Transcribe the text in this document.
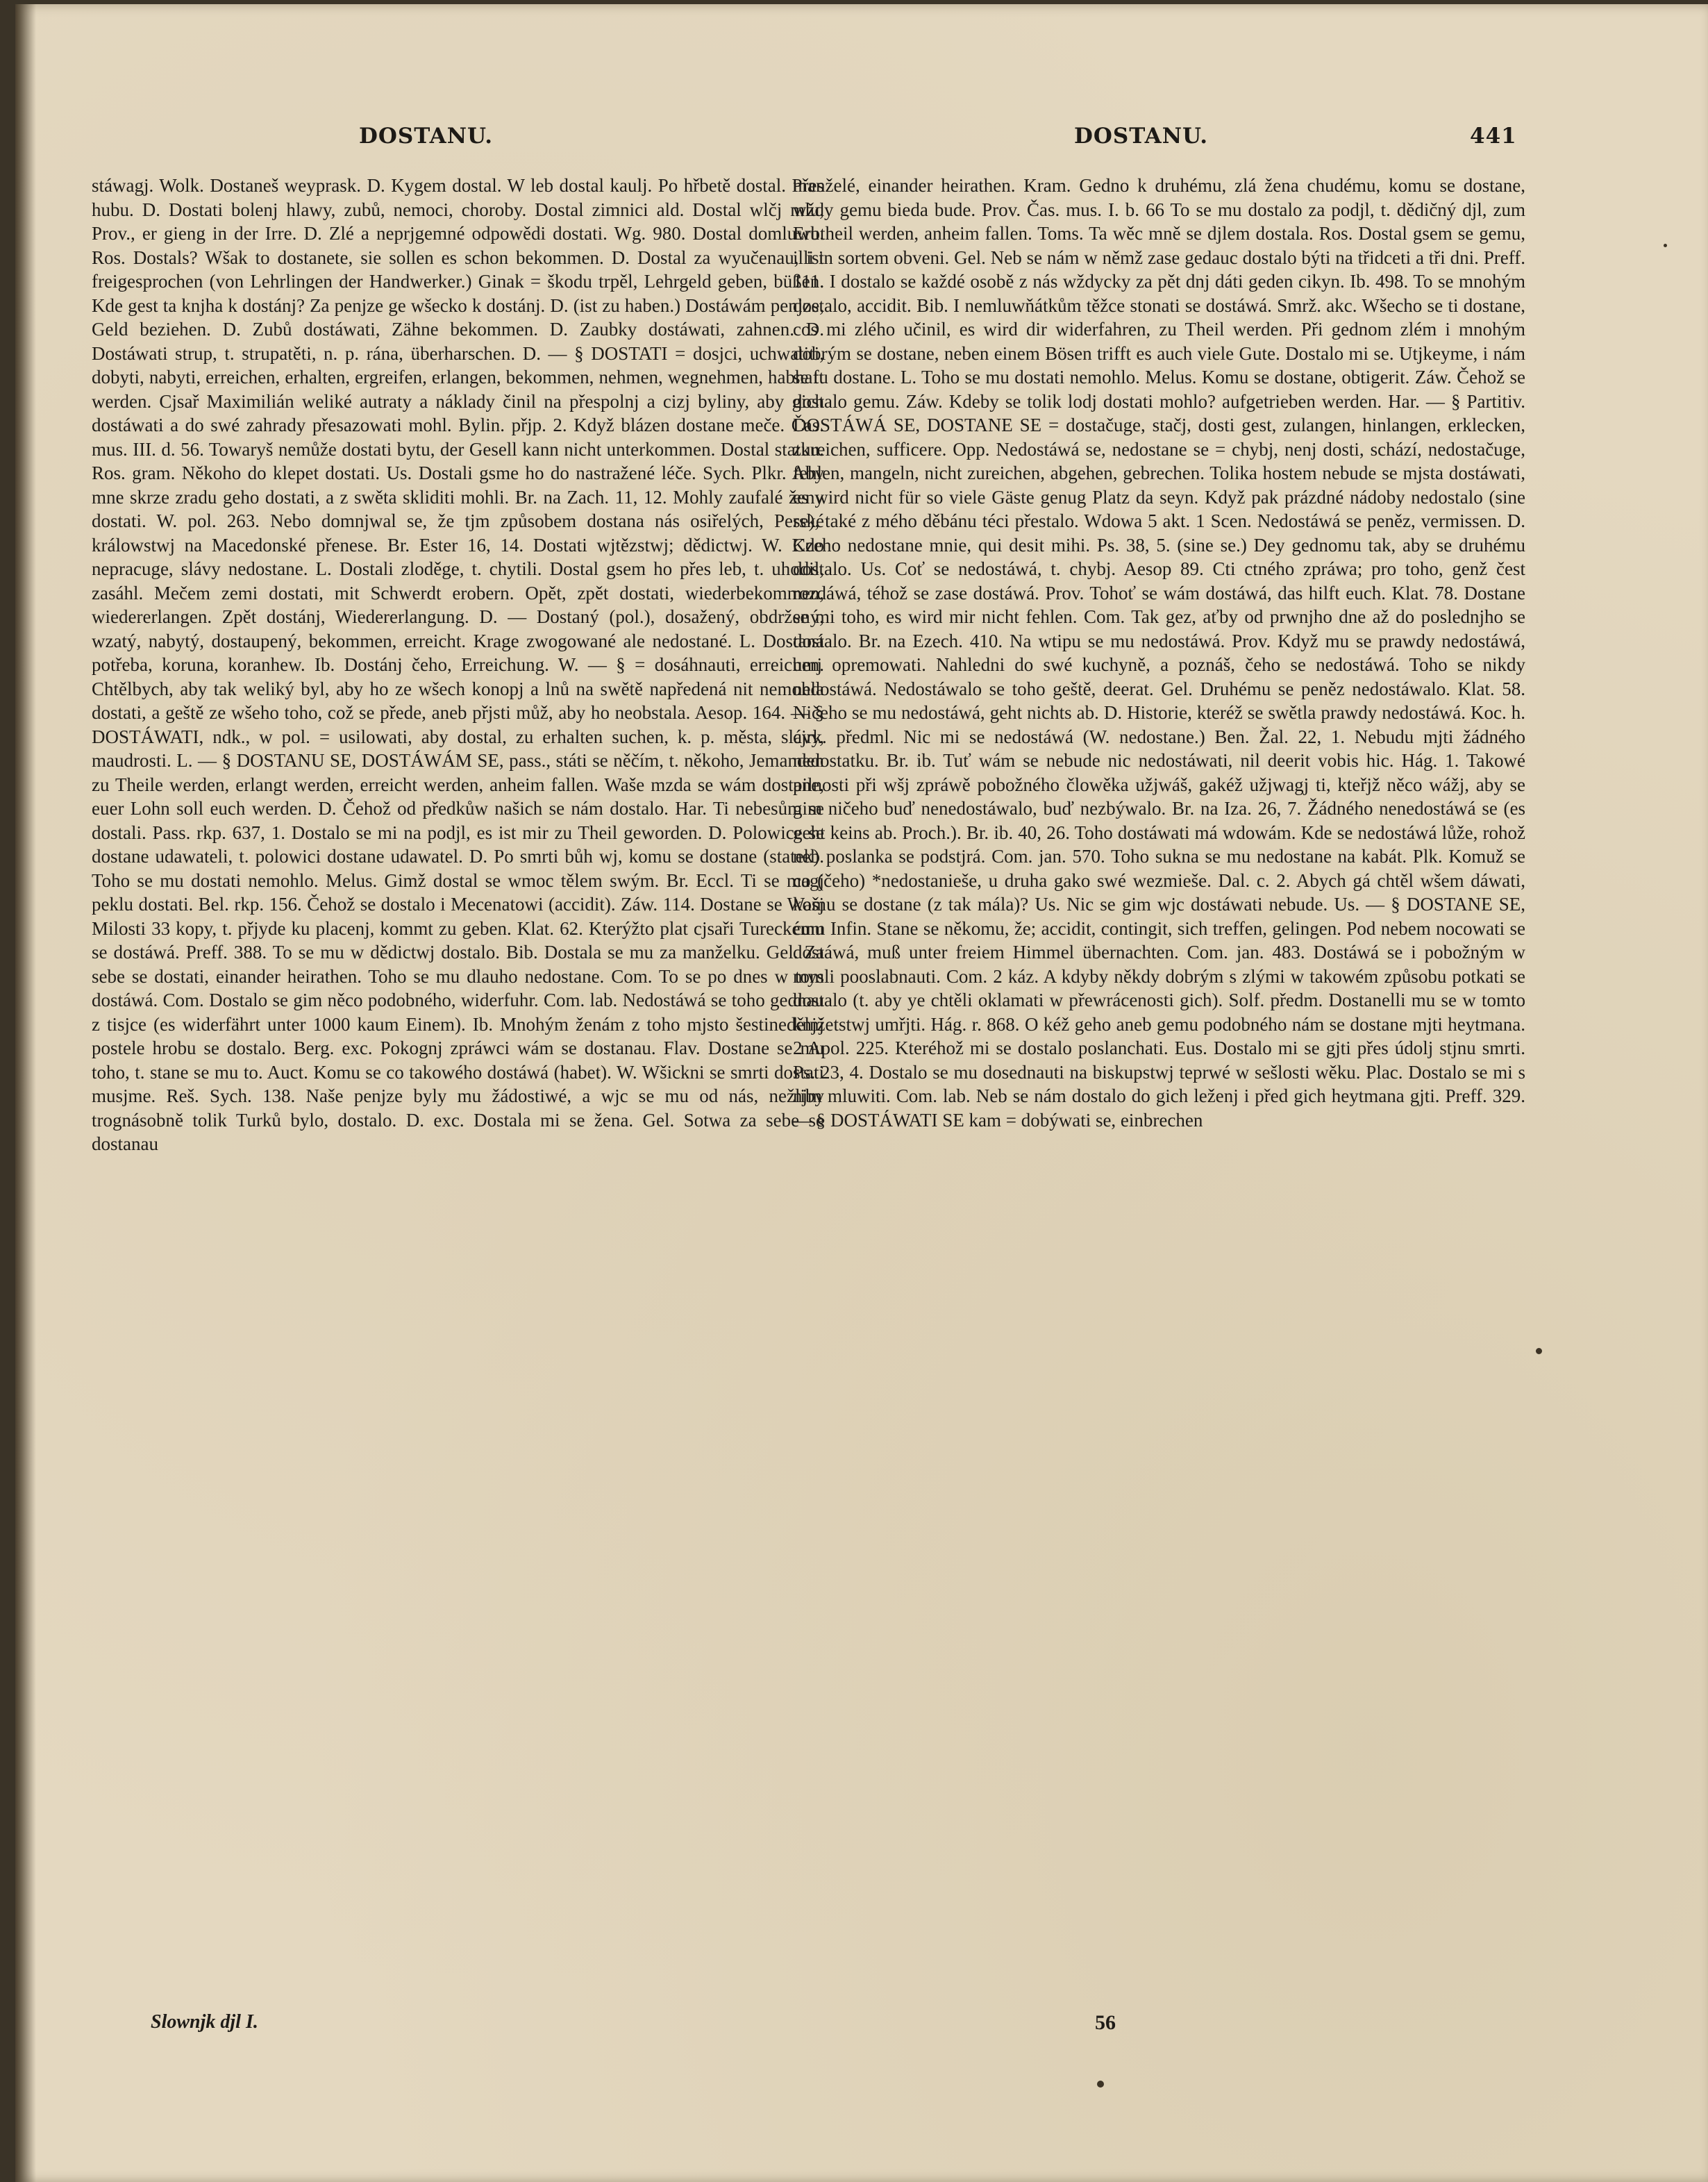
DOSTANU.	DOSTANU.	441

stáwagj. Wolk. Dostaneš weyprask. D. Kygem dostal. W leb dostal kaulj. Po hřbetě dostal. Přes hubu. D. Dostati bolenj hlawy, zubů, nemoci, choroby. Dostal zimnici ald. Dostal wlčj mlu, Prov., er gieng in der Irre. D. Zlé a neprjgemné odpowědi dostati. Wg. 980. Dostal domluwu. Ros. Dostals? Wšak to dostanete, sie sollen es schon bekommen. D. Dostal za wyučenau, ist freigesprochen (von Lehrlingen der Handwerker.) Ginak = škodu trpěl, Lehrgeld geben, büßen. Kde gest ta knjha k dostánj? Za penjze ge wšecko k dostánj. D. (ist zu haben.) Dostáwám penjze, Geld beziehen. D. Zubů dostáwati, Zähne bekommen. D. Zaubky dostáwati, zahnen. D. Dostáwati strup, t. strupatěti, n. p. rána, überharschen. D. — § DOSTATI = dosjci, uchwatiti, dobyti, nabyti, erreichen, erhalten, ergreifen, erlangen, bekommen, nehmen, wegnehmen, habhaft werden. Cjsař Maximilián weliké autraty a náklady činil na přespolnj a cizj byliny, aby gich dostáwati a do swé zahrady přesazowati mohl. Bylin. přjp. 2. Když blázen dostane meče. Čas. mus. III. d. 56. Towaryš nemůže dostati bytu, der Gesell kann nicht unterkommen. Dostal statku. Ros. gram. Někoho do klepet dostati. Us. Dostali gsme ho do nastražené léče. Sych. Plkr. Aby mne skrze zradu geho dostati, a z swěta skliditi mohli. Br. na Zach. 11, 12. Mohly zaufalé ženy dostati. W. pol. 263. Nebo domnjwal se, že tjm způsobem dostana nás osiřelých, Perské králowstwj na Macedonské přenese. Br. Ester 16, 14. Dostati wjtězstwj; dědictwj. W. Kdo nepracuge, slávy nedostane. L. Dostali zloděge, t. chytili. Dostal gsem ho přes leb, t. uhodil, zasáhl. Mečem zemi dostati, mit Schwerdt erobern. Opět, zpět dostati, wiederbekommen, wiedererlangen. Zpět dostánj, Wiedererlangung. D. — Dostaný (pol.), dosažený, obdržený, wzatý, nabytý, dostaupený, bekommen, erreicht. Krage zwogowané ale nedostané. L. Dostaná potřeba, koruna, koranhew. Ib. Dostánj čeho, Erreichung. W. — § = dosáhnauti, erreichen. Chtělbych, aby tak weliký byl, aby ho ze wšech konopj a lnů na swětě napředená nit nemohla dostati, a geště ze wšeho toho, což se přede, aneb přjsti můž, aby ho neobstala. Aesop. 164. — § DOSTÁWATI, ndk., w pol. = usilowati, aby dostal, zu erhalten suchen, k. p. města, slávy, maudrosti. L. — § DOSTANU SE, DOSTÁWÁM SE, pass., státi se něčím, t. někoho, Jemanden zu Theile werden, erlangt werden, erreicht werden, anheim fallen. Waše mzda se wám dostane, euer Lohn soll euch werden. D. Čehož od předkůw našich se nám dostalo. Har. Ti nebesům se dostali. Pass. rkp. 637, 1. Dostalo se mi na podjl, es ist mir zu Theil geworden. D. Polowice se dostane udawateli, t. polowici dostane udawatel. D. Po smrti bůh wj, komu se dostane (statek). Toho se mu dostati nemohlo. Melus. Gimž dostal se wmoc tělem swým. Br. Eccl. Ti se magj peklu dostati. Bel. rkp. 156. Čehož se dostalo i Mecenatowi (accidit). Záw. 114. Dostane se Wašj Milosti 33 kopy, t. přjyde ku placenj, kommt zu geben. Klat. 62. Kterýžto plat cjsaři Tureckému se dostáwá. Preff. 388. To se mu w dědictwj dostalo. Bib. Dostala se mu za manželku. Gel. Za sebe se dostati, einander heirathen. Toho se mu dlauho nedostane. Com. To se po dnes w tom dostáwá. Com. Dostalo se gim něco podobného, widerfuhr. Com. lab. Nedostáwá se toho gednau z tisjce (es widerfährt unter 1000 kaum Einem). Ib. Mnohým ženám z toho mjsto šestinedělnj postele hrobu se dostalo. Berg. exc. Pokognj zpráwci wám se dostanau. Flav. Dostane se mu toho, t. stane se mu to. Auct. Komu se co takowého dostáwá (habet). W. Wšickni se smrti dostati musjme. Reš. Sych. 138. Naše penjze byly mu žádostiwé, a wjc se mu od nás, nežliby trognásobně tolik Turků bylo, dostalo. D. exc. Dostala mi se žena. Gel. Sotwa za sebe se dostanau

manželé, einander heirathen. Kram. Gedno k druhému, zlá žena chudému, komu se dostane, wždy gemu bieda bude. Prov. Čas. mus. I. b. 66 To se mu dostalo za podjl, t. dědičný djl, zum Erbtheil werden, anheim fallen. Toms. Ta wěc mně se djlem dostala. Ros. Dostal gsem se gemu, illi in sortem obveni. Gel. Neb se nám w němž zase gedauc dostalo býti na třidceti a tři dni. Preff. 111. I dostalo se každé osobě z nás wždycky za pět dnj dáti geden cikyn. Ib. 498. To se mnohým dostalo, accidit. Bib. I nemluwňátkům těžce stonati se dostáwá. Smrž. akc. Wšecho se ti dostane, cos mi zlého učinil, es wird dir widerfahren, zu Theil werden. Při gednom zlém i mnohým dobrým se dostane, neben einem Bösen trifft es auch viele Gute. Dostalo mi se. Utjkeyme, i nám se tu dostane. L. Toho se mu dostati nemohlo. Melus. Komu se dostane, obtigerit. Záw. Čehož se dostalo gemu. Záw. Kdeby se tolik lodj dostati mohlo? aufgetrieben werden. Har. — § Partitiv. DOSTÁWÁ SE, DOSTANE SE = dostačuge, stačj, dosti gest, zulangen, hinlangen, erklecken, zureichen, sufficere. Opp. Nedostáwá se, nedostane se = chybj, nenj dosti, schází, nedostačuge, fehlen, mangeln, nicht zureichen, abgehen, gebrechen. Tolika hostem nebude se mjsta dostáwati, es wird nicht für so viele Gäste genug Platz da seyn. Když pak prázdné nádoby nedostalo (sine se), také z mého děbánu téci přestalo. Wdowa 5 akt. 1 Scen. Nedostáwá se peněz, vermissen. D. Czeho nedostane mnie, qui desit mihi. Ps. 38, 5. (sine se.) Dey gednomu tak, aby se druhému dostalo. Us. Coť se nedostáwá, t. chybj. Aesop 89. Cti ctného zpráwa; pro toho, genž čest rozdáwá, téhož se zase dostáwá. Prov. Tohoť se wám dostáwá, das hilft euch. Klat. 78. Dostane se mi toho, es wird mir nicht fehlen. Com. Tak gez, aťby od prwnjho dne až do poslednjho se dostalo. Br. na Ezech. 410. Na wtipu se mu nedostáwá. Prov. Když mu se prawdy nedostáwá, umj opremowati. Nahledni do swé kuchyně, a poznáš, čeho se nedostáwá. Toho se nikdy nedostáwá. Nedostáwalo se toho geště, deerat. Gel. Druhému se peněz nedostáwalo. Klat. 58. Ničeho se mu nedostáwá, geht nichts ab. D. Historie, kteréž se swětla prawdy nedostáwá. Koc. h. cjrk. předml. Nic mi se nedostáwá (W. nedostane.) Ben. Žal. 22, 1. Nebudu mjti žádného nedostatku. Br. ib. Tuť wám se nebude nic nedostáwati, nil deerit vobis hic. Hág. 1. Takowé pilnosti při wšj zpráwě pobožného člowěka užjwáš, gakéž užjwagj ti, kteřjž něco wážj, aby se gim ničeho buď nenedostáwalo, buď nezbýwalo. Br. na Iza. 26, 7. Žádného nenedostáwá se (es geht keins ab. Proch.). Br. ib. 40, 26. Toho dostáwati má wdowám. Kde se nedostáwá lůže, rohož neb poslanka se podstjrá. Com. jan. 570. Toho sukna se mu nedostane na kabát. Plk. Komuž se co (čeho) *nedostanieše, u druha gako swé wezmieše. Dal. c. 2. Abych gá chtěl wšem dáwati, komu se dostane (z tak mála)? Us. Nic se gim wjc dostáwati nebude. Us. — § DOSTANE SE, cum Infin. Stane se někomu, že; accidit, contingit, sich treffen, gelingen. Pod nebem nocowati se dostáwá, muß unter freiem Himmel übernachten. Com. jan. 483. Dostáwá se i pobožným w mysli pooslabnauti. Com. 2 káz. A kdyby někdy dobrým s zlými w takowém způsobu potkati se dostalo (t. aby ye chtěli oklamati w přewrácenosti gich). Solf. předm. Dostanelli mu se w tomto knjžetstwj umřjti. Hág. r. 868. O kéž geho aneb gemu podobného nám se dostane mjti heytmana. 2 Apol. 225. Kteréhož mi se dostalo poslanchati. Eus. Dostalo mi se gjti přes údolj stjnu smrti. Ps. 23, 4. Dostalo se mu dosednauti na biskupstwj teprwé w sešlosti wěku. Plac. Dostalo se mi s njm mluwiti. Com. lab. Neb se nám dostalo do gich leženj i před gich heytmana gjti. Preff. 329. — § DOSTÁWATI SE kam = dobýwati se, einbrechen

Slownjk djl I.	56
